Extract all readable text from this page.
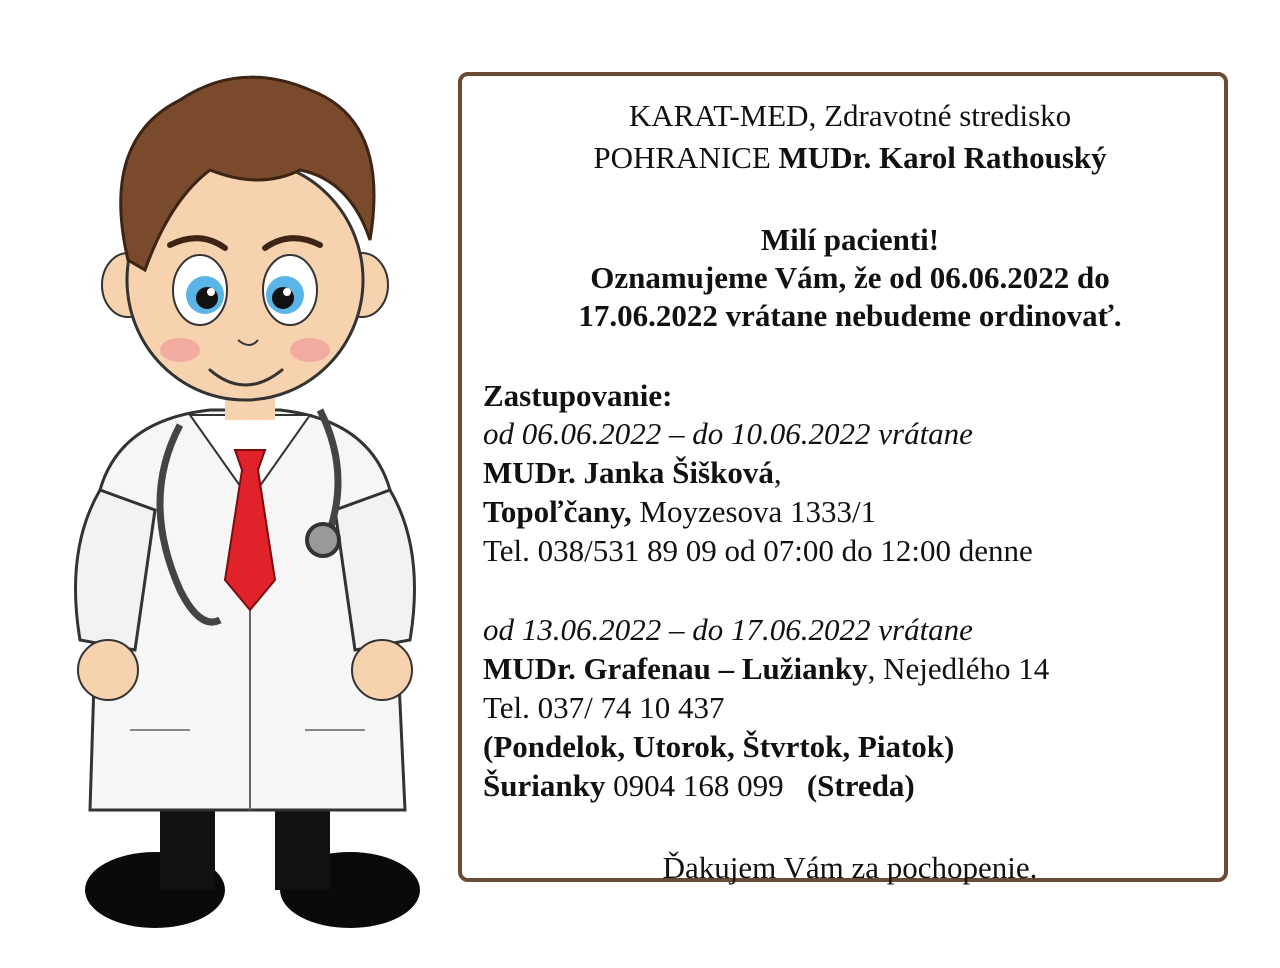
KARAT-MED, Zdravotné stredisko
POHRANICE MUDr. Karol Rathouský
Milí pacienti!
Oznamujeme Vám, že od 06.06.2022 do
17.06.2022 vrátane nebudeme ordinovať.
Zastupovanie:
od 06.06.2022 – do 10.06.2022 vrátane
MUDr. Janka Šišková,
Topoľčany, Moyzesova 1333/1
Tel. 038/531 89 09 od 07:00 do 12:00 denne
od 13.06.2022 – do 17.06.2022 vrátane
MUDr. Grafenau – Lužianky, Nejedlého 14
Tel. 037/ 74 10 437
(Pondelok, Utorok, Štvrtok, Piatok)
Šurianky 0904 168 099   (Streda)
Ďakujem Vám za pochopenie.
